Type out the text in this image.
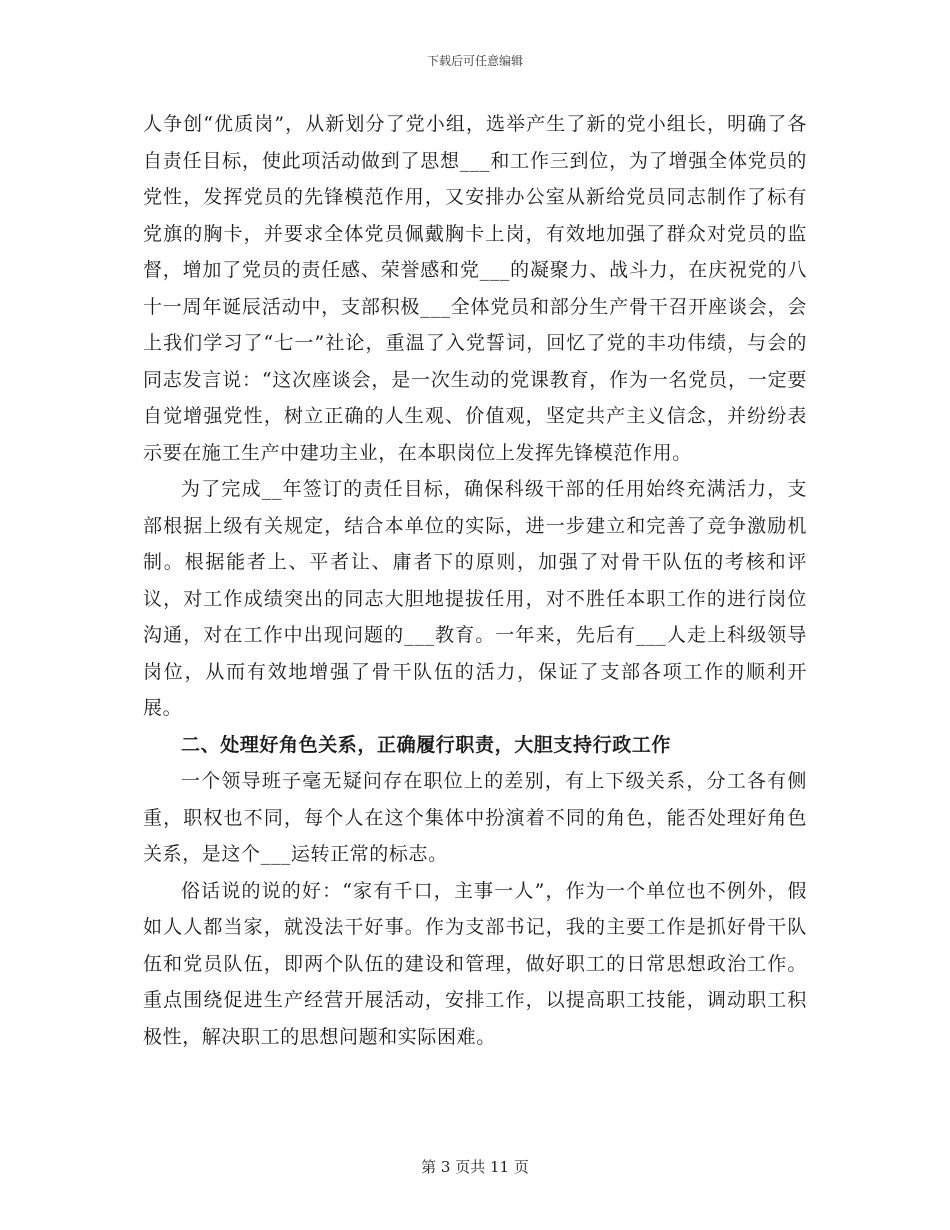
下载后可任意编辑

人争创“优质岗”，从新划分了党小组，选举产生了新的党小组长，明确了各自责任目标，使此项活动做到了思想___和工作三到位，为了增强全体党员的党性，发挥党员的先锋模范作用，又安排办公室从新给党员同志制作了标有党旗的胸卡，并要求全体党员佩戴胸卡上岗，有效地加强了群众对党员的监督，增加了党员的责任感、荣誉感和党___的凝聚力、战斗力，在庆祝党的八十一周年诞辰活动中，支部积极___全体党员和部分生产骨干召开座谈会，会上我们学习了“七一”社论，重温了入党誓词，回忆了党的丰功伟绩，与会的同志发言说：“这次座谈会，是一次生动的党课教育，作为一名党员，一定要自觉增强党性，树立正确的人生观、价值观，坚定共产主义信念，并纷纷表示要在施工生产中建功主业，在本职岗位上发挥先锋模范作用。

为了完成__年签订的责任目标，确保科级干部的任用始终充满活力，支部根据上级有关规定，结合本单位的实际，进一步建立和完善了竞争激励机制。根据能者上、平者让、庸者下的原则，加强了对骨干队伍的考核和评议，对工作成绩突出的同志大胆地提拔任用，对不胜任本职工作的进行岗位沟通，对在工作中出现问题的___教育。一年来，先后有___人走上科级领导岗位，从而有效地增强了骨干队伍的活力，保证了支部各项工作的顺利开展。

二、处理好角色关系，正确履行职责，大胆支持行政工作

一个领导班子毫无疑问存在职位上的差别，有上下级关系，分工各有侧重，职权也不同，每个人在这个集体中扮演着不同的角色，能否处理好角色关系，是这个___运转正常的标志。

俗话说的说的好：“家有千口，主事一人”，作为一个单位也不例外，假如人人都当家，就没法干好事。作为支部书记，我的主要工作是抓好骨干队伍和党员队伍，即两个队伍的建设和管理，做好职工的日常思想政治工作。重点围绕促进生产经营开展活动，安排工作，以提高职工技能，调动职工积极性，解决职工的思想问题和实际困难。

第 3 页共 11 页
